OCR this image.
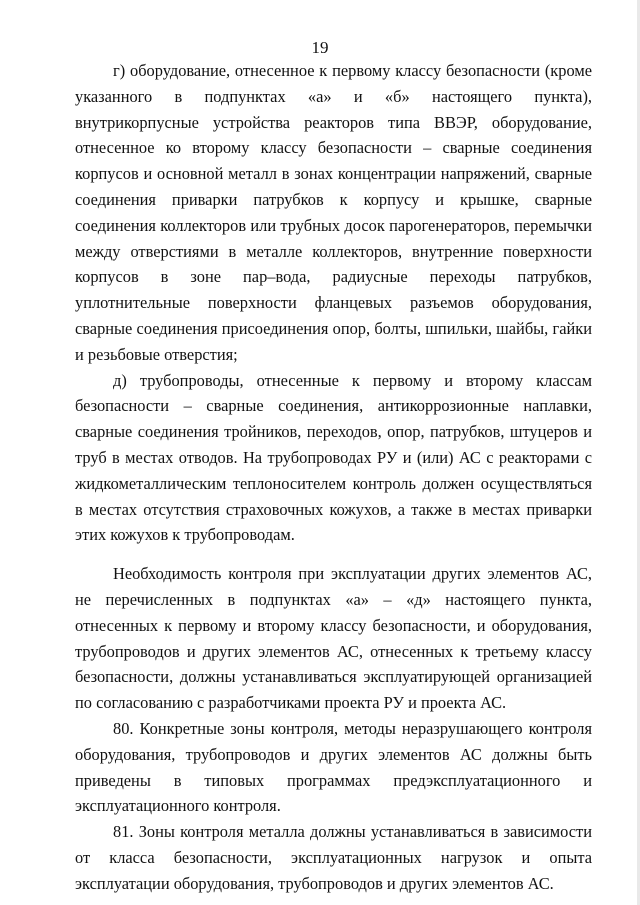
19

г) оборудование, отнесенное к первому классу безопасности (кроме указанного в подпунктах «а» и «б» настоящего пункта), внутрикорпусные устройства реакторов типа ВВЭР, оборудование, отнесенное ко второму классу безопасности – сварные соединения корпусов и основной металл в зонах концентрации напряжений, сварные соединения приварки патрубков к корпусу и крышке, сварные соединения коллекторов или трубных досок парогенераторов, перемычки между отверстиями в металле коллекторов, внутренние поверхности корпусов в зоне пар–вода, радиусные переходы патрубков, уплотнительные поверхности фланцевых разъемов оборудования, сварные соединения присоединения опор, болты, шпильки, шайбы, гайки и резьбовые отверстия;

д) трубопроводы, отнесенные к первому и второму классам безопасности – сварные соединения, антикоррозионные наплавки, сварные соединения тройников, переходов, опор, патрубков, штуцеров и труб в местах отводов. На трубопроводах РУ и (или) АС с реакторами с жидкометаллическим теплоносителем контроль должен осуществляться в местах отсутствия страховочных кожухов, а также в местах приварки этих кожухов к трубопроводам.

Необходимость контроля при эксплуатации других элементов АС, не перечисленных в подпунктах «а» – «д» настоящего пункта, отнесенных к первому и второму классу безопасности, и оборудования, трубопроводов и других элементов АС, отнесенных к третьему классу безопасности, должны устанавливаться эксплуатирующей организацией по согласованию с разработчиками проекта РУ и проекта АС.

80. Конкретные зоны контроля, методы неразрушающего контроля оборудования, трубопроводов и других элементов АС должны быть приведены в типовых программах предэксплуатационного и эксплуатационного контроля.

81. Зоны контроля металла должны устанавливаться в зависимости от класса безопасности, эксплуатационных нагрузок и опыта эксплуатации оборудования, трубопроводов и других элементов АС.
